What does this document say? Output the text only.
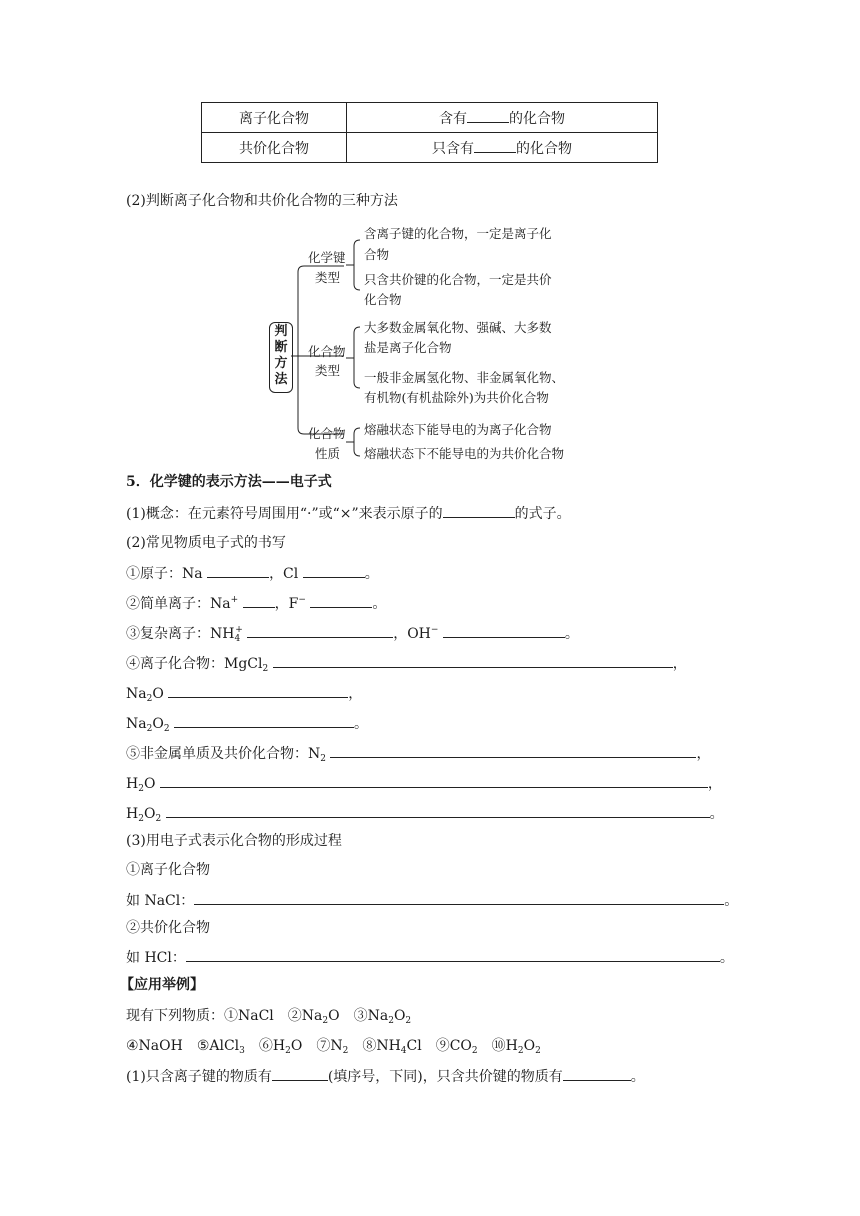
离子化合物	含有 的化合物
共价化合物	只含有 的化合物
(2)判断离子化合物和共价化合物的三种方法
判
断
方
法
化学键
类型
含离子键的化合物，一定是离子化
合物
只含共价键的化合物，一定是共价
化合物
化合物
类型
大多数金属氧化物、强碱、大多数
盐是离子化合物
一般非金属氢化物、非金属氧化物、
有机物(有机盐除外)为共价化合物
化合物
性质
熔融状态下能导电的为离子化合物
熔融状态下不能导电的为共价化合物
5．化学键的表示方法——电子式
(1)概念：在元素符号周围用“·”或“×”来表示原子的	的式子。
(2)常见物质电子式的书写
①原子：Na	，Cl	。
②简单离子：Na+	，F−	。
③复杂离子：$NH_4^+$	，OH−	。
④离子化合物：MgCl$_2$	，
$Na_2O$	，
$Na_2O_2$	。
⑤非金属单质及共价化合物：$N_2$	，
$H_2O$	，
$H_2O_2$	。
(3)用电子式表示化合物的形成过程
①离子化合物
如 NaCl：	。
②共价化合物
如 HCl：	。
【应用举例】
现有下列物质：①NaCl　$②Na_2O$　$③Na_2O_2$
④NaOH　⑤AlCl$_3$　$⑥H_2O$　$⑦N_2$　$⑧NH_4Cl$　$⑨CO_2$　$⑩H_2O_2$
(1)只含离子键的物质有	(填序号，下同)，只含共价键的物质有	。
